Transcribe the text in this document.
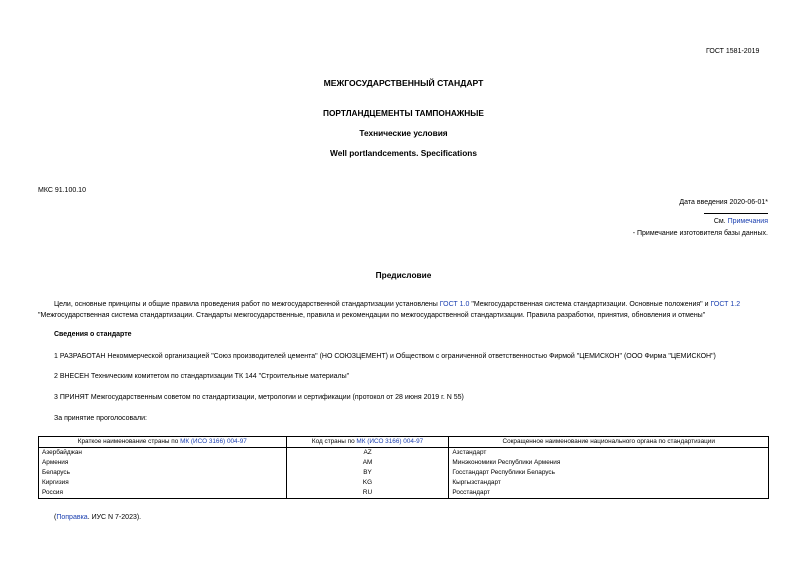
ГОСТ 1581-2019
МЕЖГОСУДАРСТВЕННЫЙ СТАНДАРТ
ПОРТЛАНДЦЕМЕНТЫ ТАМПОНАЖНЫЕ
Технические условия
Well portlandcements. Specifications
МКС 91.100.10
Дата введения 2020-06-01*
См. Примечания
- Примечание изготовителя базы данных.
Предисловие
Цели, основные принципы и общие правила проведения работ по межгосударственной стандартизации установлены ГОСТ 1.0 "Межгосударственная система стандартизации. Основные положения" и ГОСТ 1.2 "Межгосударственная система стандартизации. Стандарты межгосударственные, правила и рекомендации по межгосударственной стандартизации. Правила разработки, принятия, обновления и отмены"
Сведения о стандарте
1 РАЗРАБОТАН Некоммерческой организацией "Союз производителей цемента" (НО СОЮЗЦЕМЕНТ) и Обществом с ограниченной ответственностью Фирмой "ЦЕМИСКОН" (ООО Фирма "ЦЕМИСКОН")
2 ВНЕСЕН Техническим комитетом по стандартизации ТК 144 "Строительные материалы"
3 ПРИНЯТ Межгосударственным советом по стандартизации, метрологии и сертификации (протокол от 28 июня 2019 г. N 55)
За принятие проголосовали:
Краткое наименование страны по МК (ИСО 3166) 004-97	Код страны по МК (ИСО 3166) 004-97	Сокращенное наименование национального органа по стандартизации
Азербайджан	AZ	Азстандарт
Армения	AM	Минэкономики Республики Армения
Беларусь	BY	Госстандарт Республики Беларусь
Киргизия	KG	Кыргызстандарт
Россия	RU	Росстандарт
(Поправка. ИУС N 7-2023).
